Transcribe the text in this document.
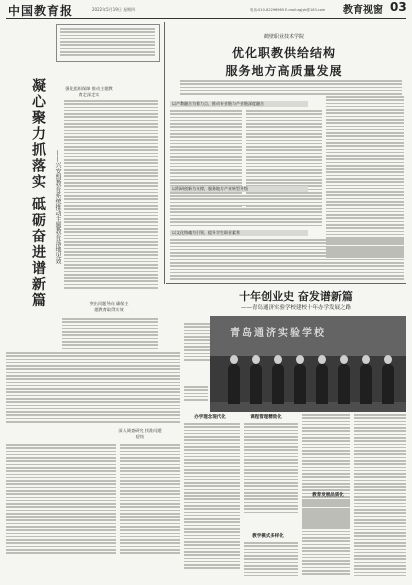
中国教育报	2022年5月19日 星期四	电话:010-82296969 E-mail:zgjyb@163.com 教育视窗 03
凝心聚力抓落实 砥砺奋进谱新篇	——兴安盟教育系统推动主题教育落地见效
强化组织保障 推动主题教育走深走实
突出问题导向 确保主题教育取得实效
深入调查研究 找准问题症结
鹤壁职业技术学院
优化职教供给结构
服务地方高质量发展
以产教融合为着力点，推动专业链与产业链深度融合
以科研创新为支撑，服务地方产业转型升级
以文化铸魂为引领，提升学生职业素养
十年创业史 奋发谱新篇
——青岛通济实验学校建校十年办学发展之路
青岛通济实验学校
办学理念现代化	课程管理精致化
教学模式多样化
教育发展品质化
